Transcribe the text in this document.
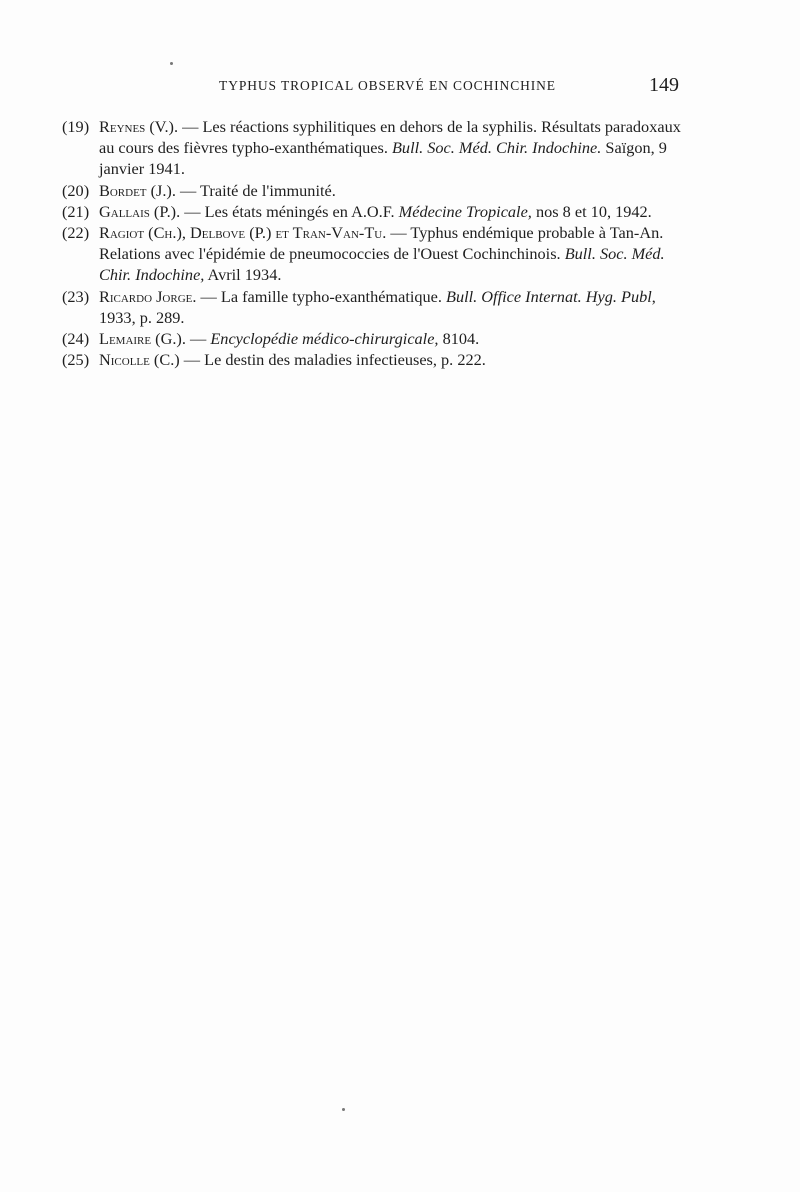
TYPHUS TROPICAL OBSERVÉ EN COCHINCHINE	149

(19) Reynes (V.). — Les réactions syphilitiques en dehors de la syphilis. Résultats paradoxaux au cours des fièvres typho-exanthématiques. Bull. Soc. Méd. Chir. Indochine. Saïgon, 9 janvier 1941.

(20) Bordet (J.). — Traité de l'immunité.

(21) Gallais (P.). — Les états méningés en A.O.F. Médecine Tropicale, nos 8 et 10, 1942.

(22) Ragiot (Ch.), Delbove (P.) et Tran-Van-Tu. — Typhus endémique probable à Tan-An. Relations avec l'épidémie de pneumococcies de l'Ouest Cochinchinois. Bull. Soc. Méd. Chir. Indochine, Avril 1934.

(23) Ricardo Jorge. — La famille typho-exanthématique. Bull. Office Internat. Hyg. Publ, 1933, p. 289.

(24) Lemaire (G.). — Encyclopédie médico-chirurgicale, 8104.

(25) Nicolle (C.) — Le destin des maladies infectieuses, p. 222.
